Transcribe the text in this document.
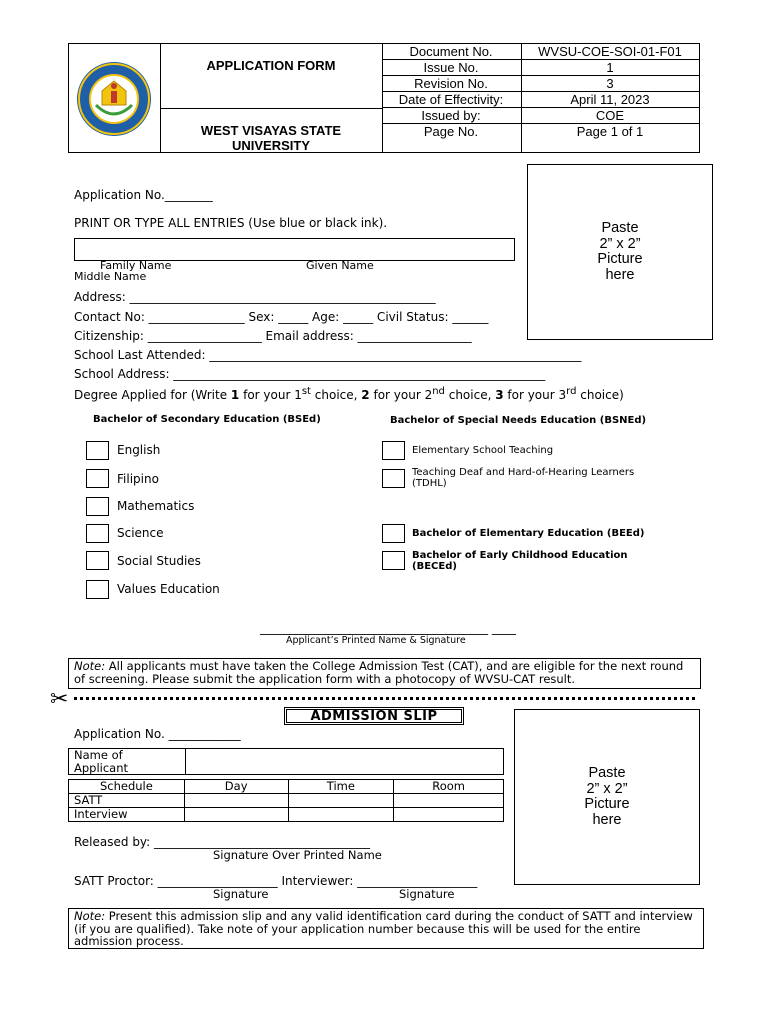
APPLICATION FORM
WEST VISAYAS STATE UNIVERSITY
Document No.	WVSU-COE-SOI-01-F01
Issue No.	1
Revision No.	3
Date of Effectivity:	April 11, 2023
Issued by:	COE
Page No.	Page 1 of 1
Paste
2” x 2”
Picture
here
Application No.________
PRINT OR TYPE ALL ENTRIES (Use blue or black ink).
Family Name	Given Name
Middle Name
Address: ___________________________________________________
Contact No: ________________ Sex: _____ Age: _____ Civil Status: ______
Citizenship: ___________________ Email address: ___________________
School Last Attended: ______________________________________________________________
School Address: ______________________________________________________________
Degree Applied for (Write 1 for your 1st choice, 2 for your 2nd choice, 3 for your 3rd choice)
Bachelor of Secondary Education (BSEd)	Bachelor of Special Needs Education (BSNEd)
English
Filipino
Mathematics
Science
Social Studies
Values Education
Elementary School Teaching
Teaching Deaf and Hard-of-Hearing Learners
(TDHL)
Bachelor of Elementary Education (BEEd)
Bachelor of Early Childhood Education
(BECEd)
______________________________________ ____
Applicant’s Printed Name & Signature
Note: All applicants must have taken the College Admission Test (CAT), and are eligible for the next round of screening. Please submit the application form with a photocopy of WVSU-CAT result.
✂
ADMISSION SLIP
Application No. ____________
Paste
2” x 2”
Picture
here
Name of Applicant
Schedule	Day	Time	Room
SATT			
Interview			
Released by: ____________________________________
Signature Over Printed Name
SATT Proctor: ____________________ Interviewer: ____________________
Signature	Signature
Note: Present this admission slip and any valid identification card during the conduct of SATT and interview (if you are qualified). Take note of your application number because this will be used for the entire admission process.
